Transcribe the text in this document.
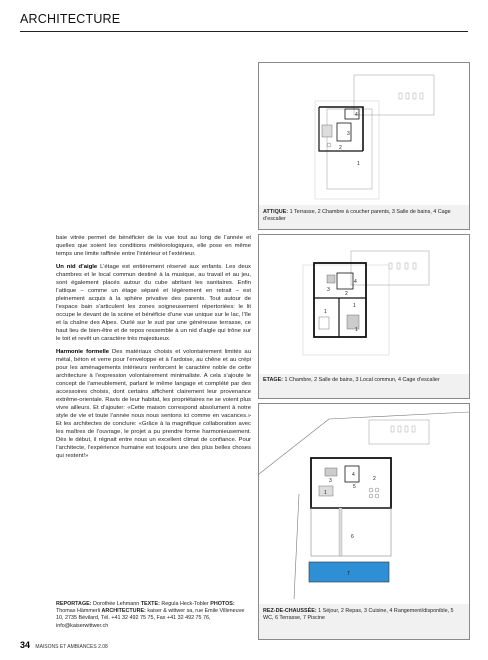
ARCHITECTURE
4
3
2
1
ATTIQUE: 1 Terrasse, 2 Chambre à coucher parents, 3 Salle de bains, 4 Cage d’escalier
3
4
2
1
1
1
ETAGE: 1 Chambre, 2 Salle de bains, 3 Local commun, 4 Cage d’escalier
1
2
3
4
5
6
7
REZ-DE-CHAUSSÉE: 1 Séjour, 2 Repas, 3 Cuisine, 4 Rangement/disponible, 5 WC, 6 Terrasse, 7 Piscine

baie vitrée permet de bénéficier de la vue tout au long de l’année et quelles que soient les conditions météorologiques, elle pose en même temps une limite raffinée entre l’intérieur et l’extérieur.

Un nid d’aigle L’étage est entièrement réservé aux enfants. Les deux chambres et le local commun destiné à la musique, au travail et au jeu, sont également placés autour du cube abritant les sanitaires. Enfin l’attique – comme un étage séparé et légèrement en retrait – est pleinement acquis à la sphère privative des parents. Tout autour de l’espace bain s’articulent les zones soigneusement répertoriées: le lit occupe le devant de la scène et bénéficie d’une vue unique sur le lac, l’île et la chaîne des Alpes. Ourlé sur le sud par une généreuse terrasse, ce haut lieu de bien-être et de repos ressemble à un nid d’aigle qui trône sur le toit et revêt un caractère très majestueux.

Harmonie formelle Des matériaux choisis et volontairement limités au métal, béton et verre pour l’enveloppe et à l’ardoise, au chêne et au crépi pour les aménagements intérieurs renforcent le caractère noble de cette architecture à l’expression volontairement minimaliste. A cela s’ajoute le concept de l’ameublement, parlant le même langage et complété par des accessoires choisis, dont certains affichent clairement leur provenance extrême-orientale. Ravis de leur habitat, les propriétaires ne se voient plus vivre ailleurs. Et d’ajouter: «Cette maison correspond absolument à notre style de vie et toute l’année nous nous sentons ici comme en vacances.» Et les architectes de conclure: «Grâce à la magnifique collaboration avec les maîtres de l’ouvrage, le projet a pu prendre forme harmonieusement. Dès le début, il régnait entre nous un excellent climat de confiance. Pour l’architecte, l’expérience humaine est toujours une des plus belles choses qui restent!»

REPORTAGE: Dorothée Lehmann TEXTE: Regula Heck-Tobler PHOTOS: Thomas Hämmerli ARCHITECTURE: kaiser & wittwer sa, rue Emile Villeneuve 10, 2735 Bévilard, Tél. +41 32 492 75 75, Fax +41 32 492 75 76, info@kaiserwittwer.ch
34 MAISONS ET AMBIANCES 2.08
